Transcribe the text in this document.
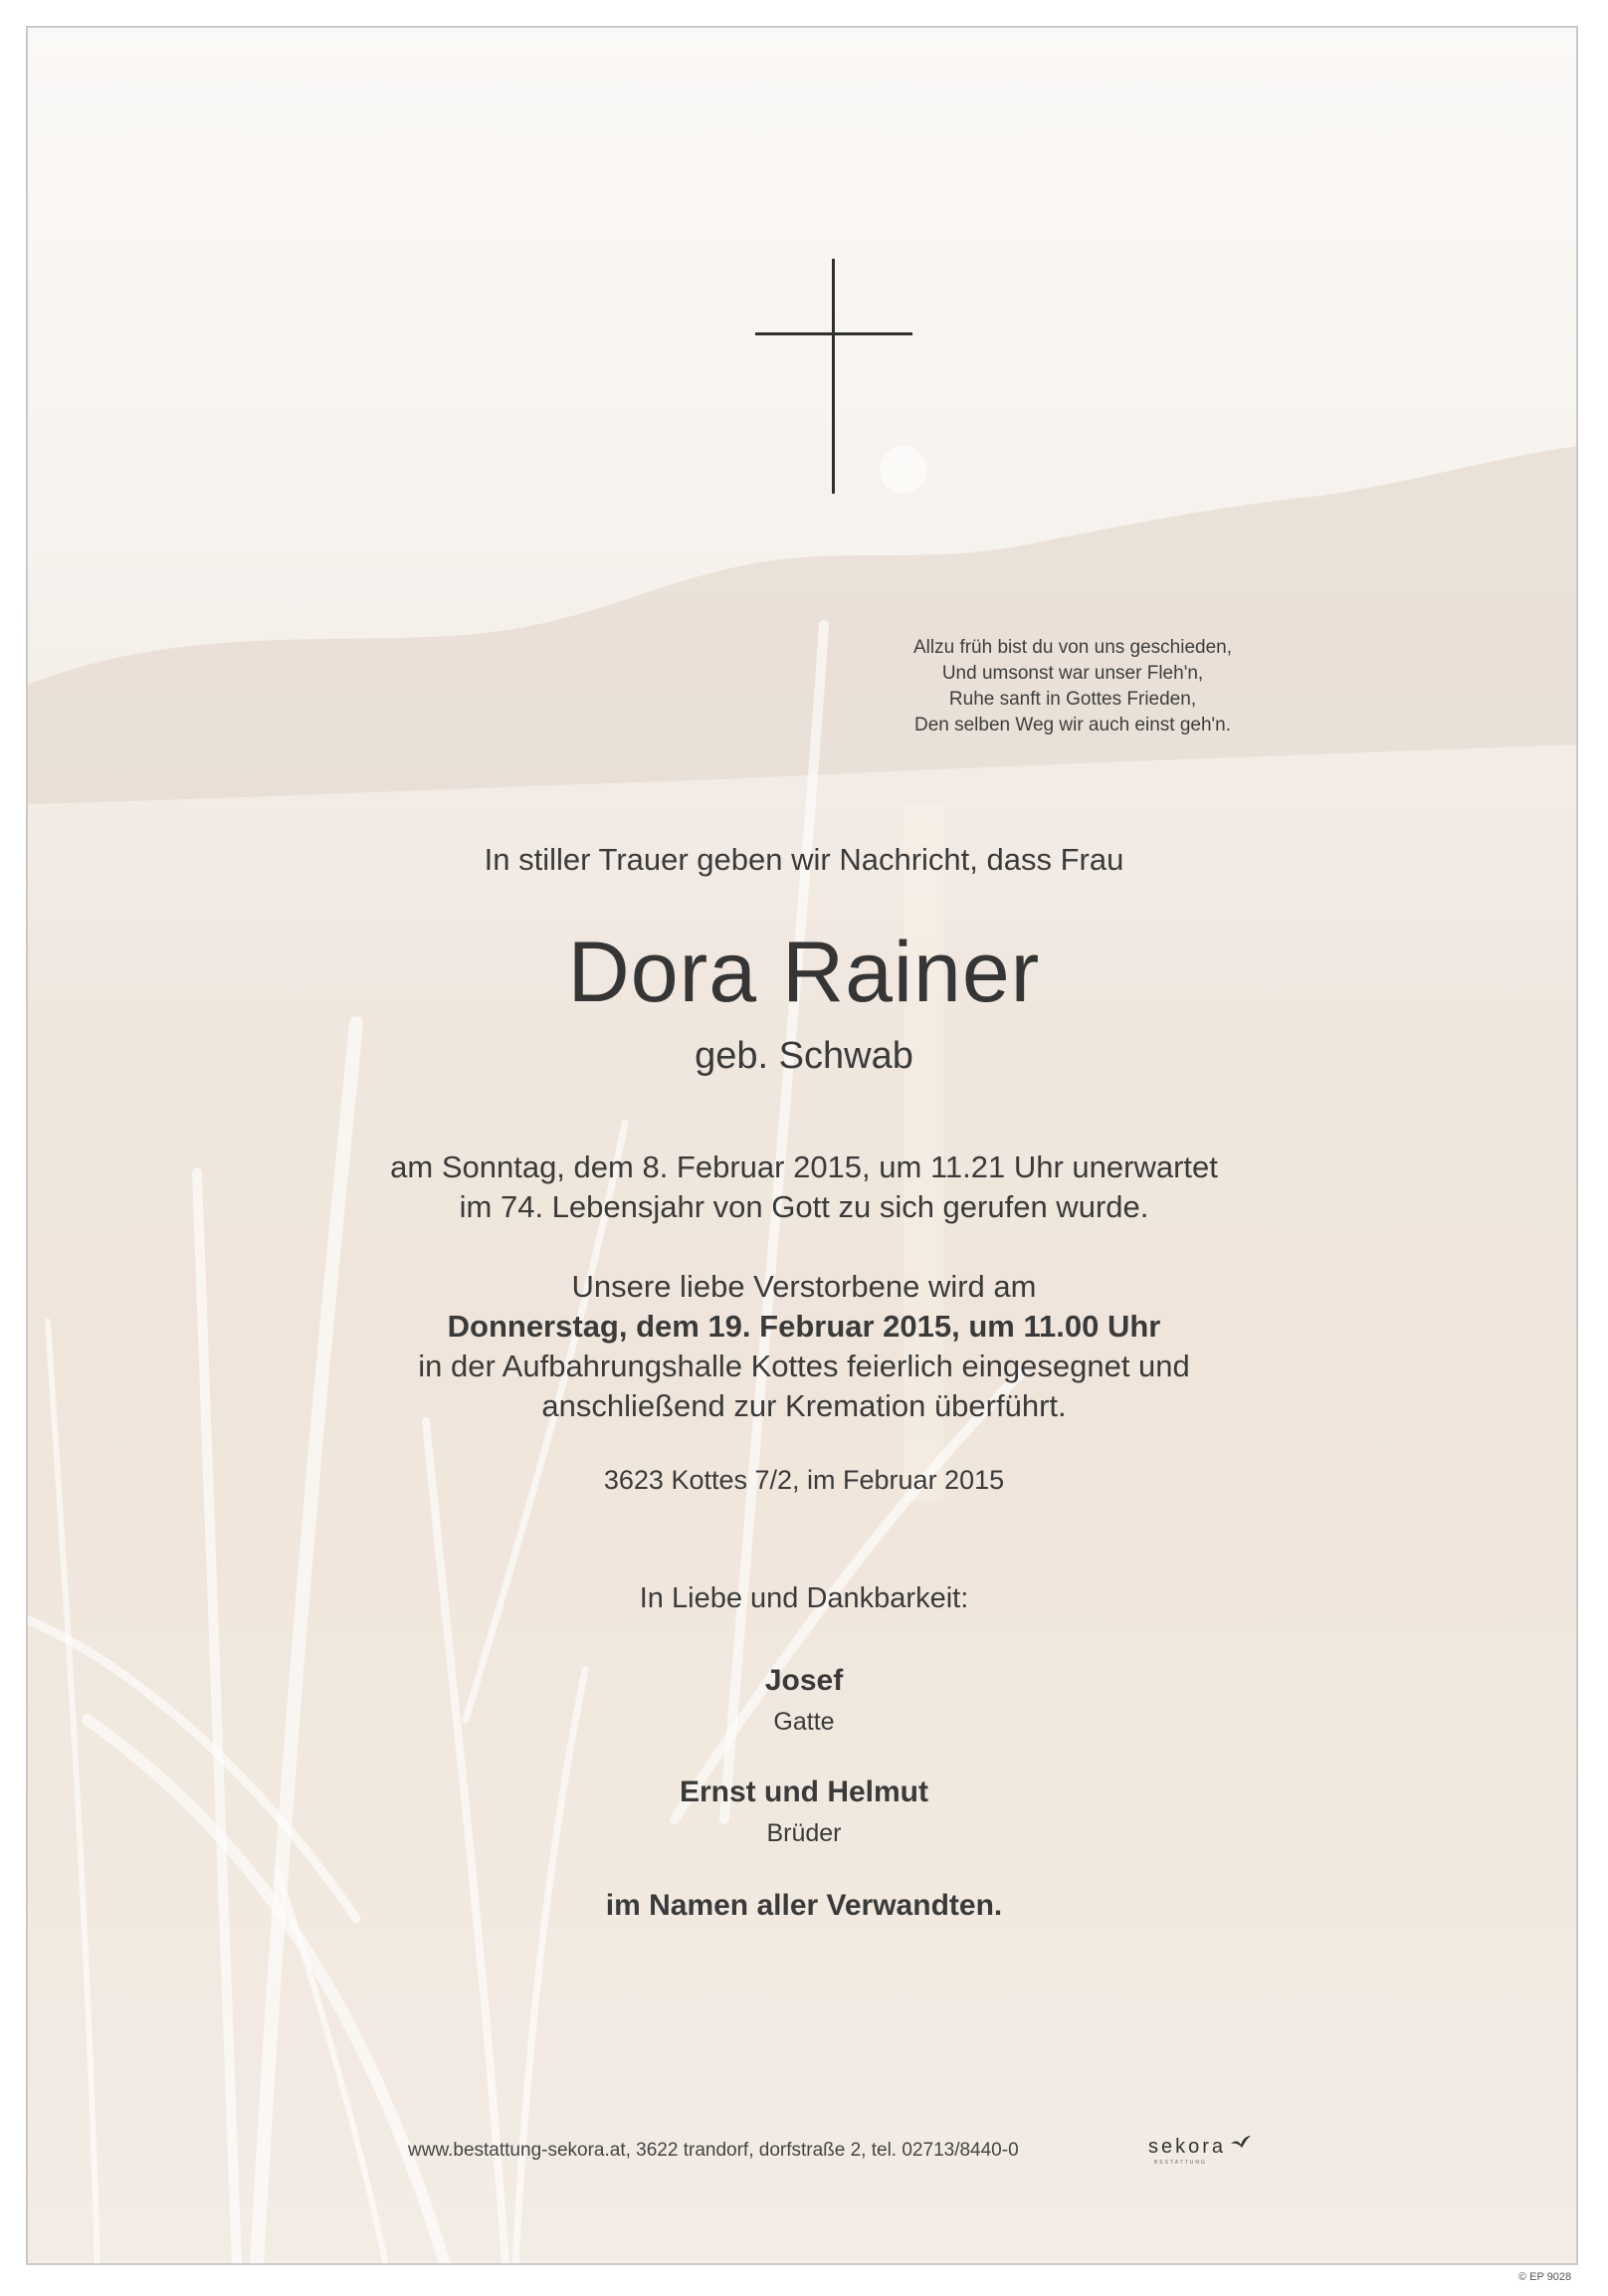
Allzu früh bist du von uns geschieden,
Und umsonst war unser Fleh'n,
Ruhe sanft in Gottes Frieden,
Den selben Weg wir auch einst geh'n.
In stiller Trauer geben wir Nachricht, dass Frau
Dora Rainer
geb. Schwab
am Sonntag, dem 8. Februar 2015, um 11.21 Uhr unerwartet
im 74. Lebensjahr von Gott zu sich gerufen wurde.
Unsere liebe Verstorbene wird am
Donnerstag, dem 19. Februar 2015, um 11.00 Uhr
in der Aufbahrungshalle Kottes feierlich eingesegnet und
anschließend zur Kremation überführt.
3623 Kottes 7/2, im Februar 2015
In Liebe und Dankbarkeit:
Josef
Gatte
Ernst und Helmut
Brüder
im Namen aller Verwandten.
www.bestattung-sekora.at, 3622 trandorf, dorfstraße 2, tel. 02713/8440-0	sekora
BESTATTUNG
© EP 9028
